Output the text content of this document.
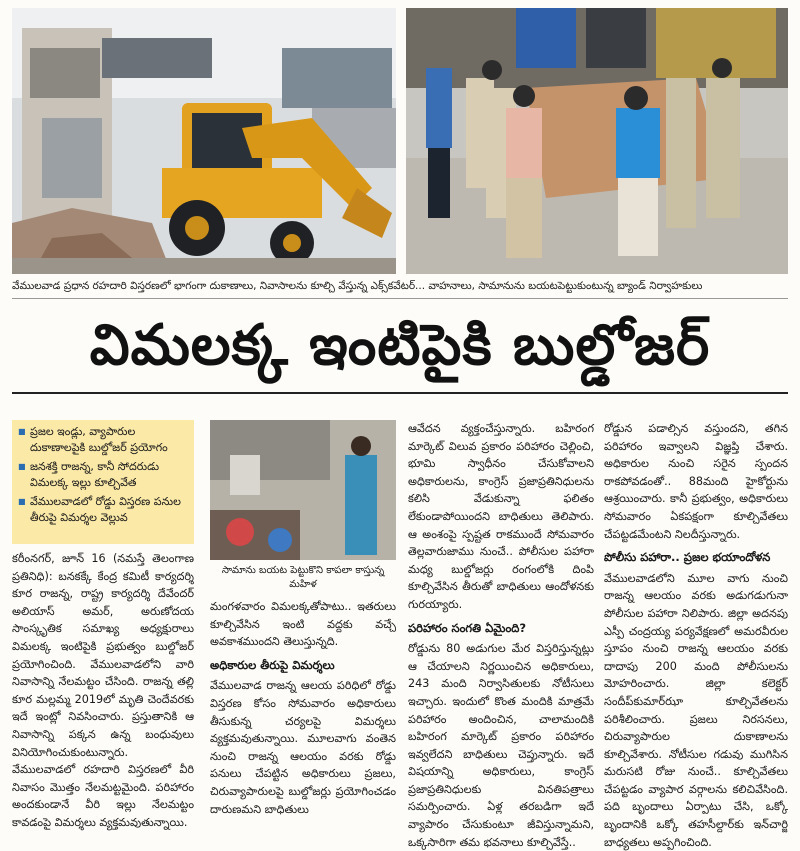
వేములవాడ ప్రధాన రహదారి విస్తరణలో భాగంగా దుకాణాలు, నివాసాలను కూల్చి వేస్తున్న ఎక్స్‌కవేటర్‌... వాహనాలు, సామానును బయటపెట్టుకుంటున్న బ్యాండ్‌ నిర్వాహకులు
విమలక్క ఇంటిపైకి బుల్డోజర్‌
■ ప్రజల ఇండ్లు, వ్యాపారుల దుకాణాలపైకి బుల్డోజర్‌ ప్రయోగం
■ జనశక్తి రాజన్న, కానీ సోదరుడు విమలక్క ఇల్లు కూల్చివేత
■ వేములవాడలో రోడ్డు విస్తరణ పనుల తీరుపై విమర్శల వెల్లువ

కరీంనగర్‌, జూన్‌ 16 (నమస్తే తెలంగాణ ప్రతినిధి): బనకక్కే కేంద్ర కమిటీ కార్యదర్శి కూర రాజన్న, రాష్ట్ర కార్యదర్శి దేవేందర్‌ అలియాస్‌ అమర్‌, అరుణోదయ సాంస్కృతిక సమాఖ్య అధ్యక్షురాలు విమలక్క ఇంటిపైకి ప్రభుత్వం బుల్డోజర్‌ ప్రయోగించింది. వేములవాడలోని వారి నివాసాన్ని నేలమట్టం చేసింది. రాజన్న తల్లి కూర మల్లమ్మ 2019లో మృతి చెందేవరకు ఇదే ఇంట్లో నివసించారు. ప్రస్తుతానికి ఆ నివాసాన్ని పక్కన ఉన్న బంధువులు వినియోగించుకుంటున్నారు. వేములవాడలో రహదారి విస్తరణలో వీరి నివాసం మొత్తం నేలమట్టమైంది. పరిహారం అందకుండానే వీరి ఇల్లు నేలమట్టం కావడంపై విమర్శలు వ్యక్తమవుతున్నాయి.

సామాను బయట పెట్టుకొని కాపలా కాస్తున్న మహిళ

మంగళవారం విమలక్కతోపాటు.. ఇతరులు కూల్చివేసిన ఇంటి వద్దకు వచ్చే అవకాశముందని తెలుస్తున్నది.

అధికారుల తీరుపై విమర్శలు

వేములవాడ రాజన్న ఆలయ పరిధిలో రోడ్డు విస్తరణ కోసం సోమవారం అధికారులు తీసుకున్న చర్యలపై విమర్శలు వ్యక్తమవుతున్నాయి. మూలవాగు వంతెన నుంచి రాజన్న ఆలయం వరకు రోడ్డు పనులు చేపట్టిన అధికారులు ప్రజలు, చిరువ్యాపారులపై బుల్డోజర్లు ప్రయోగించడం దారుణమని బాధితులు

ఆవేదన వ్యక్తంచేస్తున్నారు. బహిరంగ మార్కెట్‌ విలువ ప్రకారం పరిహారం చెల్లించి, భూమి స్వాధీనం చేసుకోవాలని అధికారులను, కాంగ్రెస్‌ ప్రజాప్రతినిధులను కలిసి వేడుకున్నా ఫలితం లేకుండాపోయిందని బాధితులు తెలిపారు. ఆ అంశంపై స్పష్టత రాకముందే సోమవారం తెల్లవారుజాము నుంచే.. పోలీసుల పహారా మధ్య బుల్డోజర్లు రంగంలోకి దింపి కూల్చివేసిన తీరుతో బాధితులు ఆందోళనకు గురయ్యారు.

పరిహారం సంగతి ఏమైంది?

రోడ్డును 80 అడుగుల మేర విస్తరిస్తున్నట్లు ఆ చేయాలని నిర్ణయించిన అధికారులు, 243 మంది నిర్వాసితులకు నోటీసులు ఇచ్చారు. ఇందులో కొంత మందికి మాత్రమే పరిహారం అందించిన, చాలామందికి బహిరంగ మార్కెట్‌ ప్రకారం పరిహారం ఇవ్వలేదని బాధితులు చెప్తున్నారు. ఇదే విషయాన్ని అధికారులు, కాంగ్రెస్‌ ప్రజాప్రతినిధులకు వినతిపత్రాలు సమర్పించారు. ఏళ్ల తరబడిగా ఇదే వ్యాపారం చేసుకుంటూ జీవిస్తున్నామని, ఒక్కసారిగా తమ భవనాలు కూల్చివేస్తే..

రోడ్డున పడాల్సిన వస్తుందని, తగిన పరిహారం ఇవ్వాలని విజ్ఞప్తి చేశారు. అధికారుల నుంచి సరైన స్పందన రాకపోవడంతో.. 88మంది హైకోర్టును ఆశ్రయించారు. కానీ ప్రభుత్వం, అధికారులు సోమవారం ఏకపక్షంగా కూల్చివేతలు చేపట్టడమేంటని నిలదీస్తున్నారు.

పోలీసు పహారా.. ప్రజల భయాందోళన

వేములవాడలోని మూల వాగు నుంచి రాజన్న ఆలయం వరకు అడుగడుగునా పోలీసుల పహారా నిలిపారు. జిల్లా అదనపు ఎస్పీ చంద్రయ్య పర్యవేక్షణలో అమరవీరుల స్తూపం నుంచి రాజన్న ఆలయం వరకు దాదాపు 200 మంది పోలీసులను మోహరించారు. జిల్లా కలెక్టర్‌ సందీప్‌కుమార్‌ఝా కూల్చివేతలను పరిశీలించారు. ప్రజలు నిరసనలు, చిరువ్యాపారుల దుకాణాలను కూల్చివేశారు. నోటీసుల గడువు ముగిసిన మరుసటి రోజు నుంచే.. కూల్చివేతలు చేపట్టడం వ్యాపార వర్గాలను కలిచివేసింది. పది బృందాలు ఏర్పాటు చేసి, ఒక్కో బృందానికి ఒక్కో తహసీల్దార్‌కు ఇన్‌చార్జి బాధ్యతలు అప్పగించింది.
